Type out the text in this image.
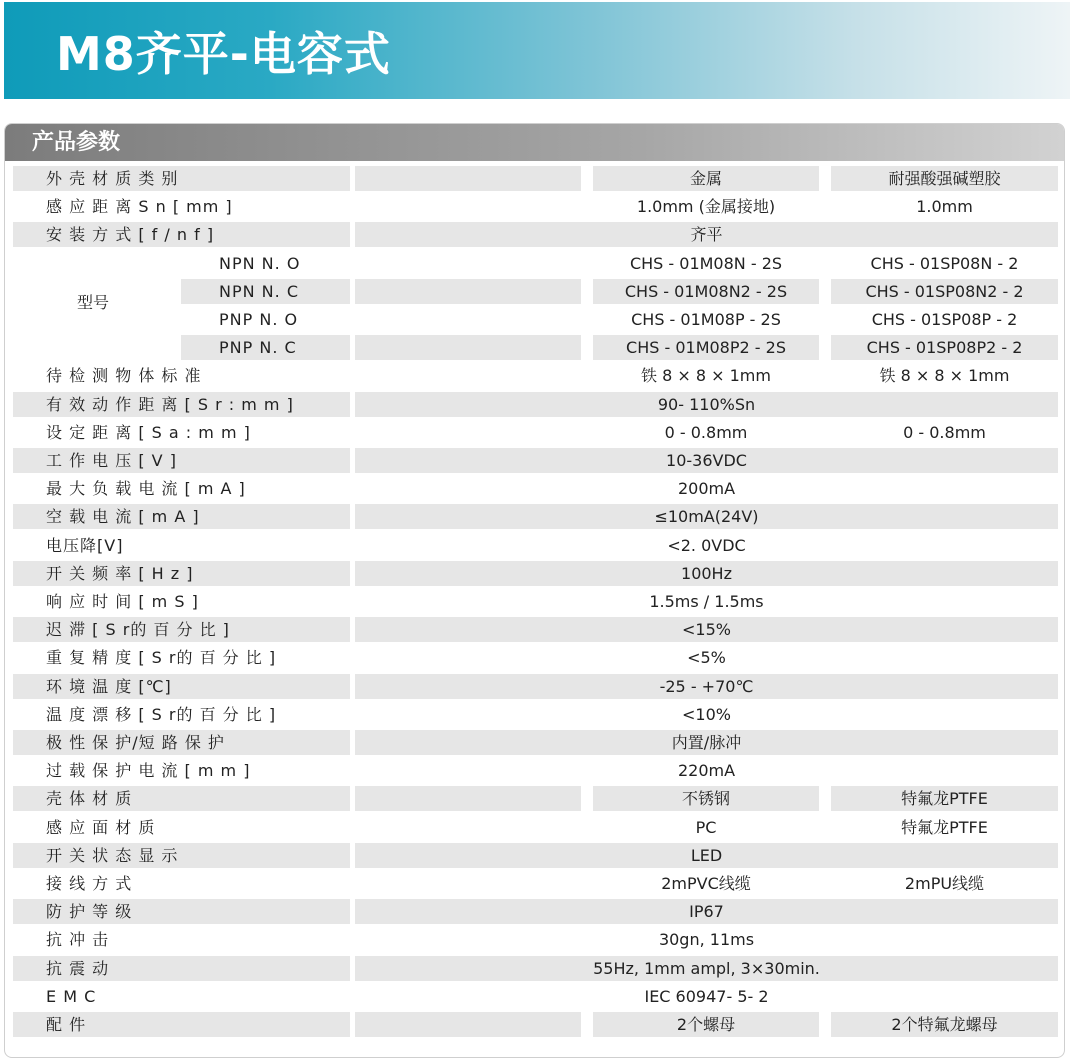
M8齐平-电容式
产品参数
外 壳 材 质 类 别	金属	耐强酸强碱塑胶
感 应 距 离 S n [ mm ]	1.0mm (金属接地)	1.0mm
安 装 方 式 [ f / n f ]	齐平
NPN N. O	CHS - 01M08N - 2S	CHS - 01SP08N - 2
NPN N. C	CHS - 01M08N2 - 2S	CHS - 01SP08N2 - 2
PNP N. O	CHS - 01M08P - 2S	CHS - 01SP08P - 2
PNP N. C	CHS - 01M08P2 - 2S	CHS - 01SP08P2 - 2
型号
待 检 测 物 体 标 准	铁 8 × 8 × 1mm	铁 8 × 8 × 1mm
有 效 动 作 距 离 [ S r : m m ]	90- 110%Sn
设 定 距 离 [ S a : m m ]	0 - 0.8mm	0 - 0.8mm
工 作 电 压 [ V ]	10-36VDC
最 大 负 载 电 流 [ m A ]	200mA
空 载 电 流 [ m A ]	≤10mA(24V)
电压降[V]	<2. 0VDC
开 关 频 率 [ H z ]	100Hz
响 应 时 间 [ m S ]	1.5ms / 1.5ms
迟 滞 [ S r的 百 分 比 ]	<15%
重 复 精 度 [ S r的 百 分 比 ]	<5%
环 境 温 度 [℃]	-25 - +70℃
温 度 漂 移 [ S r的 百 分 比 ]	<10%
极 性 保 护/短 路 保 护	内置/脉冲
过 载 保 护 电 流 [ m m ]	220mA
壳 体 材 质	不锈钢	特氟龙PTFE
感 应 面 材 质	PC	特氟龙PTFE
开 关 状 态 显 示	LED
接 线 方 式	2mPVC线缆	2mPU线缆
防 护 等 级	IP67
抗 冲 击	30gn, 11ms
抗 震 动	55Hz, 1mm ampl, 3×30min.
E M C	IEC 60947- 5- 2
配 件	2个螺母	2个特氟龙螺母
